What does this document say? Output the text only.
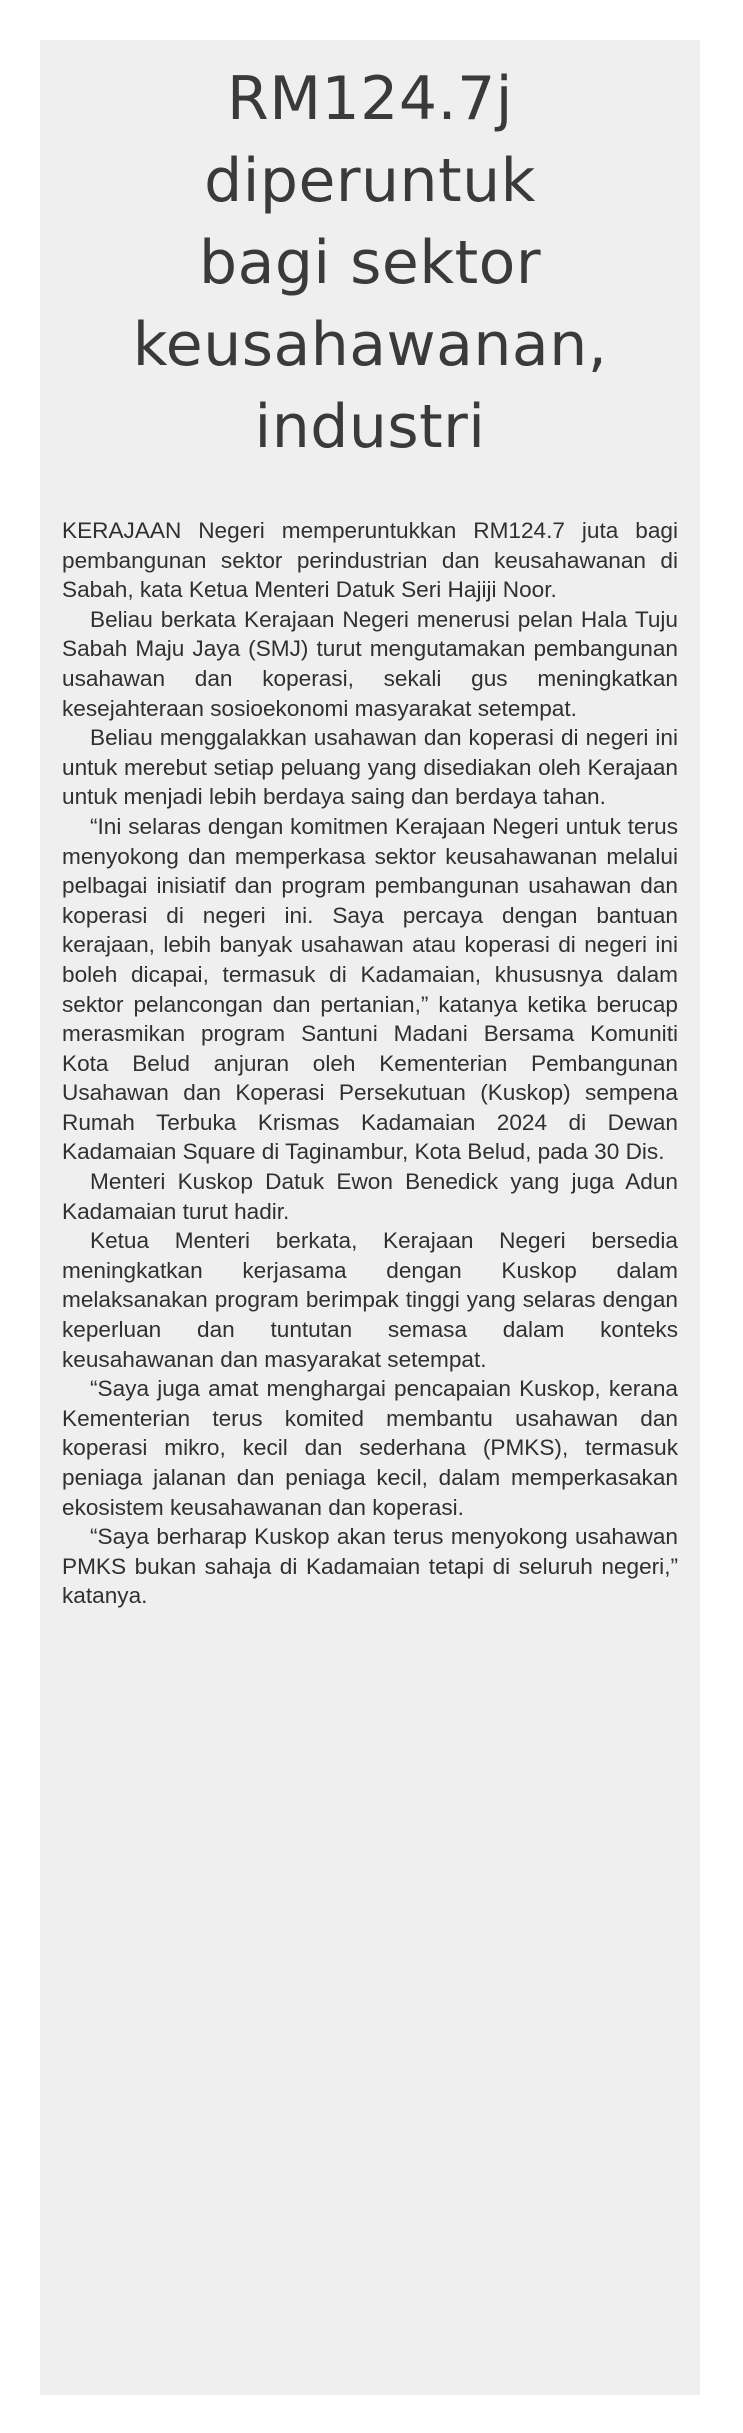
RM124.7j
diperuntuk
bagi sektor
keusahawanan,
industri

KERAJAAN Negeri memperuntukkan RM124.7 juta bagi pembangunan sektor perindustrian dan keusahawanan di Sabah, kata Ketua Menteri Datuk Seri Hajiji Noor.

Beliau berkata Kerajaan Negeri menerusi pelan Hala Tuju Sabah Maju Jaya (SMJ) turut mengutamakan pembangunan usahawan dan koperasi, sekali gus meningkatkan kesejahteraan sosioekonomi masyarakat setempat.

Beliau menggalakkan usahawan dan koperasi di negeri ini untuk merebut setiap peluang yang disediakan oleh Kerajaan untuk menjadi lebih berdaya saing dan berdaya tahan.

“Ini selaras dengan komitmen Kerajaan Negeri untuk terus menyokong dan memperkasa sektor keusahawanan melalui pelbagai inisiatif dan program pembangunan usahawan dan koperasi di negeri ini. Saya percaya dengan bantuan kerajaan, lebih banyak usahawan atau koperasi di negeri ini boleh dicapai, termasuk di Kadamaian, khususnya dalam sektor pelancongan dan pertanian,” katanya ketika berucap merasmikan program Santuni Madani Bersama Komuniti Kota Belud anjuran oleh Kementerian Pembangunan Usahawan dan Koperasi Persekutuan (Kuskop) sempena Rumah Terbuka Krismas Kadamaian 2024 di Dewan Kadamaian Square di Taginambur, Kota Belud, pada 30 Dis.

Menteri Kuskop Datuk Ewon Benedick yang juga Adun Kadamaian turut hadir.

Ketua Menteri berkata, Kerajaan Negeri bersedia meningkatkan kerjasama dengan Kuskop dalam melaksanakan program berimpak tinggi yang selaras dengan keperluan dan tuntutan semasa dalam konteks keusahawanan dan masyarakat setempat.

“Saya juga amat menghargai pencapaian Kuskop, kerana Kementerian terus komited membantu usahawan dan koperasi mikro, kecil dan sederhana (PMKS), termasuk peniaga jalanan dan peniaga kecil, dalam memperkasakan ekosistem keusahawanan dan koperasi.

“Saya berharap Kuskop akan terus menyokong usahawan PMKS bukan sahaja di Kadamaian tetapi di seluruh negeri,” katanya.
